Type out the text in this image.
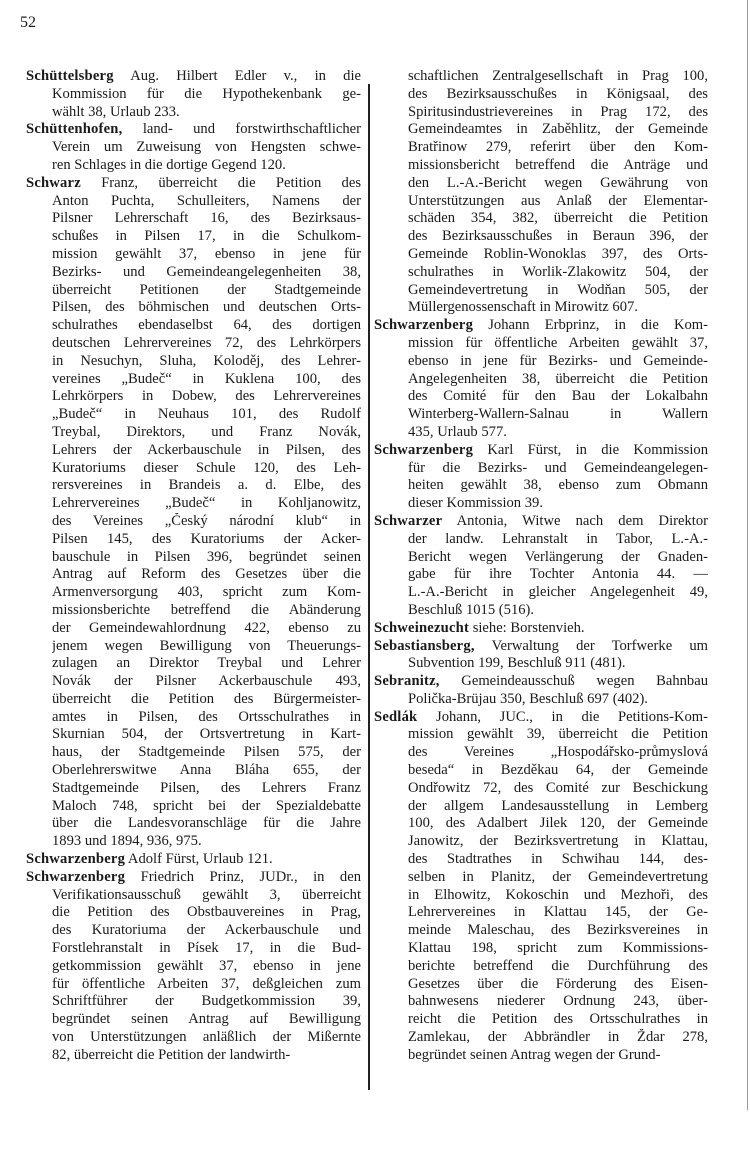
52
Schüttelsberg Aug. Hilbert Edler v., in die
Kommission für die Hypothekenbank ge-
wählt 38, Urlaub 233.
Schüttenhofen, land- und forstwirthschaftlicher
Verein um Zuweisung von Hengsten schwe-
ren Schlages in die dortige Gegend 120.
Schwarz Franz, überreicht die Petition des
Anton Puchta, Schulleiters, Namens der
Pilsner Lehrerschaft 16, des Bezirksaus-
schußes in Pilsen 17, in die Schulkom-
mission gewählt 37, ebenso in jene für
Bezirks- und Gemeindeangelegenheiten 38,
überreicht Petitionen der Stadtgemeinde
Pilsen, des böhmischen und deutschen Orts-
schulrathes ebendaselbst 64, des dortigen
deutschen Lehrervereines 72, des Lehrkörpers
in Nesuchyn, Sluha, Koloděj, des Lehrer-
vereines „Budeč“ in Kuklena 100, des
Lehrkörpers in Dobew, des Lehrervereines
„Budeč“ in Neuhaus 101, des Rudolf
Treybal, Direktors, und Franz Novák,
Lehrers der Ackerbauschule in Pilsen, des
Kuratoriums dieser Schule 120, des Leh-
rersvereines in Brandeis a. d. Elbe, des
Lehrervereines „Budeč“ in Kohljanowitz,
des Vereines „Český národní klub“ in
Pilsen 145, des Kuratoriums der Acker-
bauschule in Pilsen 396, begründet seinen
Antrag auf Reform des Gesetzes über die
Armenversorgung 403, spricht zum Kom-
missionsberichte betreffend die Abänderung
der Gemeindewahlordnung 422, ebenso zu
jenem wegen Bewilligung von Theuerungs-
zulagen an Direktor Treybal und Lehrer
Novák der Pilsner Ackerbauschule 493,
überreicht die Petition des Bürgermeister-
amtes in Pilsen, des Ortsschulrathes in
Skurnian 504, der Ortsvertretung in Kart-
haus, der Stadtgemeinde Pilsen 575, der
Oberlehrerswitwe Anna Bláha 655, der
Stadtgemeinde Pilsen, des Lehrers Franz
Maloch 748, spricht bei der Spezialdebatte
über die Landesvoranschläge für die Jahre
1893 und 1894, 936, 975.
Schwarzenberg Adolf Fürst, Urlaub 121.
Schwarzenberg Friedrich Prinz, JUDr., in den
Verifikationsausschuß gewählt 3, überreicht
die Petition des Obstbauvereines in Prag,
des Kuratoriuma der Ackerbauschule und
Forstlehranstalt in Písek 17, in die Bud-
getkommission gewählt 37, ebenso in jene
für öffentliche Arbeiten 37, deßgleichen zum
Schriftführer der Budgetkommission 39,
begründet seinen Antrag auf Bewilligung
von Unterstützungen anläßlich der Mißernte
82, überreicht die Petition der landwirth-
schaftlichen Zentralgesellschaft in Prag 100,
des Bezirksausschußes in Königsaal, des
Spiritusindustrievereines in Prag 172, des
Gemeindeamtes in Zaběhlitz, der Gemeinde
Bratřinow 279, referirt über den Kom-
missionsbericht betreffend die Anträge und
den L.-A.-Bericht wegen Gewährung von
Unterstützungen aus Anlaß der Elementar-
schäden 354, 382, überreicht die Petition
des Bezirksausschußes in Beraun 396, der
Gemeinde Roblin-Wonoklas 397, des Orts-
schulrathes in Worlik-Zlakowitz 504, der
Gemeindevertretung in Wodňan 505, der
Müllergenossenschaft in Mirowitz 607.
Schwarzenberg Johann Erbprinz, in die Kom-
mission für öffentliche Arbeiten gewählt 37,
ebenso in jene für Bezirks- und Gemeinde-
Angelegenheiten 38, überreicht die Petition
des Comité für den Bau der Lokalbahn
Winterberg-Wallern-Salnau in Wallern
435, Urlaub 577.
Schwarzenberg Karl Fürst, in die Kommission
für die Bezirks- und Gemeindeangelegen-
heiten gewählt 38, ebenso zum Obmann
dieser Kommission 39.
Schwarzer Antonia, Witwe nach dem Direktor
der landw. Lehranstalt in Tabor, L.-A.-
Bericht wegen Verlängerung der Gnaden-
gabe für ihre Tochter Antonia 44. —
L.-A.-Bericht in gleicher Angelegenheit 49,
Beschluß 1015 (516).
Schweinezucht siehe: Borstenvieh.
Sebastiansberg, Verwaltung der Torfwerke um
Subvention 199, Beschluß 911 (481).
Sebranitz, Gemeindeausschuß wegen Bahnbau
Polička-Brüjau 350, Beschluß 697 (402).
Sedlák Johann, JUC., in die Petitions-Kom-
mission gewählt 39, überreicht die Petition
des Vereines „Hospodářsko-průmyslová
beseda“ in Bezděkau 64, der Gemeinde
Ondřowitz 72, des Comité zur Beschickung
der allgem Landesausstellung in Lemberg
100, des Adalbert Jilek 120, der Gemeinde
Janowitz, der Bezirksvertretung in Klattau,
des Stadtrathes in Schwihau 144, des-
selben in Planitz, der Gemeindevertretung
in Elhowitz, Kokoschin und Mezhoři, des
Lehrervereines in Klattau 145, der Ge-
meinde Maleschau, des Bezirksvereines in
Klattau 198, spricht zum Kommissions-
berichte betreffend die Durchführung des
Gesetzes über die Förderung des Eisen-
bahnwesens niederer Ordnung 243, über-
reicht die Petition des Ortsschulrathes in
Zamlekau, der Abbrändler in Ždar 278,
begründet seinen Antrag wegen der Grund-
